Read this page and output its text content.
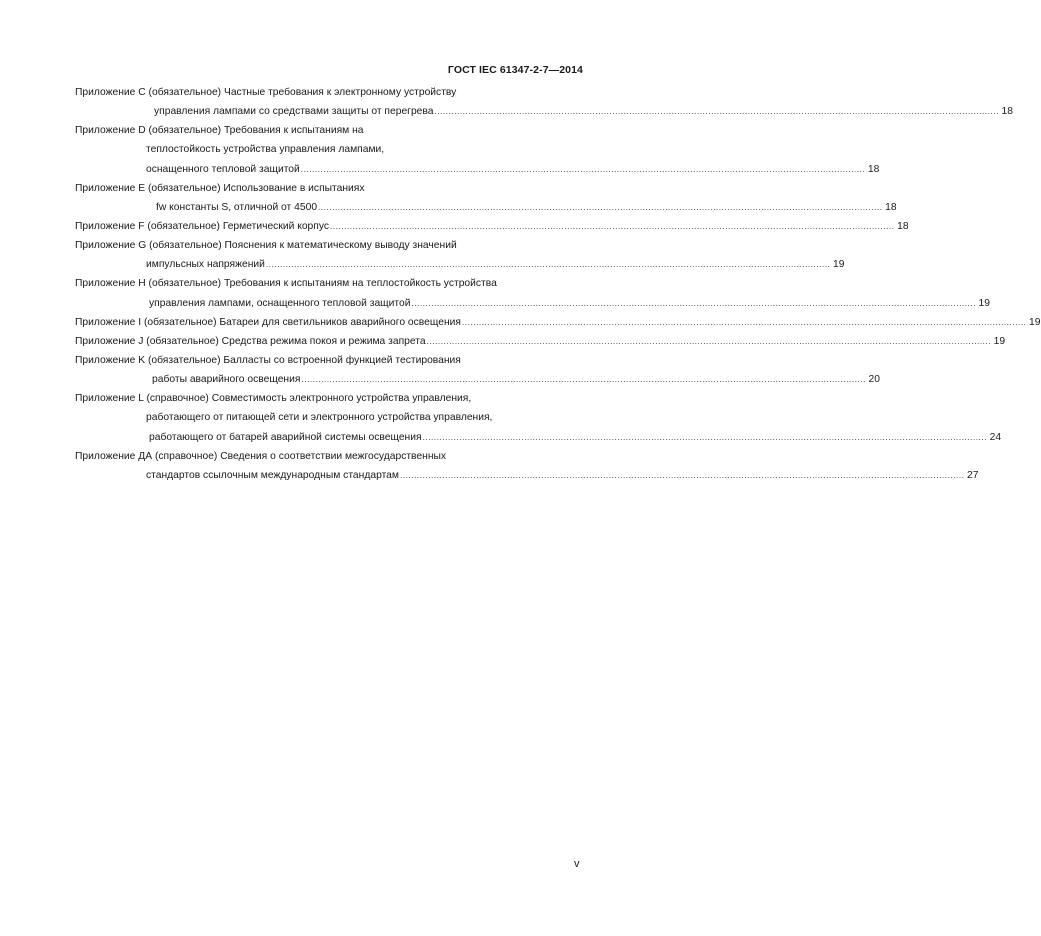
ГОСТ IEC 61347-2-7—2014
Приложение С (обязательное) Частные требования к электронному устройству
управления лампами со средствами защиты от перегрева ........................................................................................................................................................................................................ 18
Приложение D (обязательное) Требования к испытаниям на
теплостойкость устройства управления лампами,
оснащенного тепловой защитой ........................................................................................................................................................................................................ 18
Приложение Е (обязательное) Использование в испытаниях
fw константы S, отличной от 4500 ........................................................................................................................................................................................................ 18
Приложение F (обязательное) Герметический корпус ........................................................................................................................................................................................................ 18
Приложение G (обязательное) Пояснения к математическому выводу значений
импульсных напряжений ........................................................................................................................................................................................................ 19
Приложение Н (обязательное) Требования к испытаниям на теплостойкость устройства
управления лампами, оснащенного тепловой защитой ........................................................................................................................................................................................................ 19
Приложение I (обязательное) Батареи для светильников аварийного освещения ........................................................................................................................................................................................................ 19
Приложение J (обязательное) Средства режима покоя и режима запрета ........................................................................................................................................................................................................ 19
Приложение K (обязательное) Балласты со встроенной функцией тестирования
работы аварийного освещения ........................................................................................................................................................................................................ 20
Приложение L (справочное) Совместимость электронного устройства управления,
работающего от питающей сети и электронного устройства управления,
работающего от батарей аварийной системы освещения ........................................................................................................................................................................................................ 24
Приложение ДА (справочное) Сведения о соответствии межгосударственных
стандартов ссылочным международным стандартам ........................................................................................................................................................................................................ 27
v
